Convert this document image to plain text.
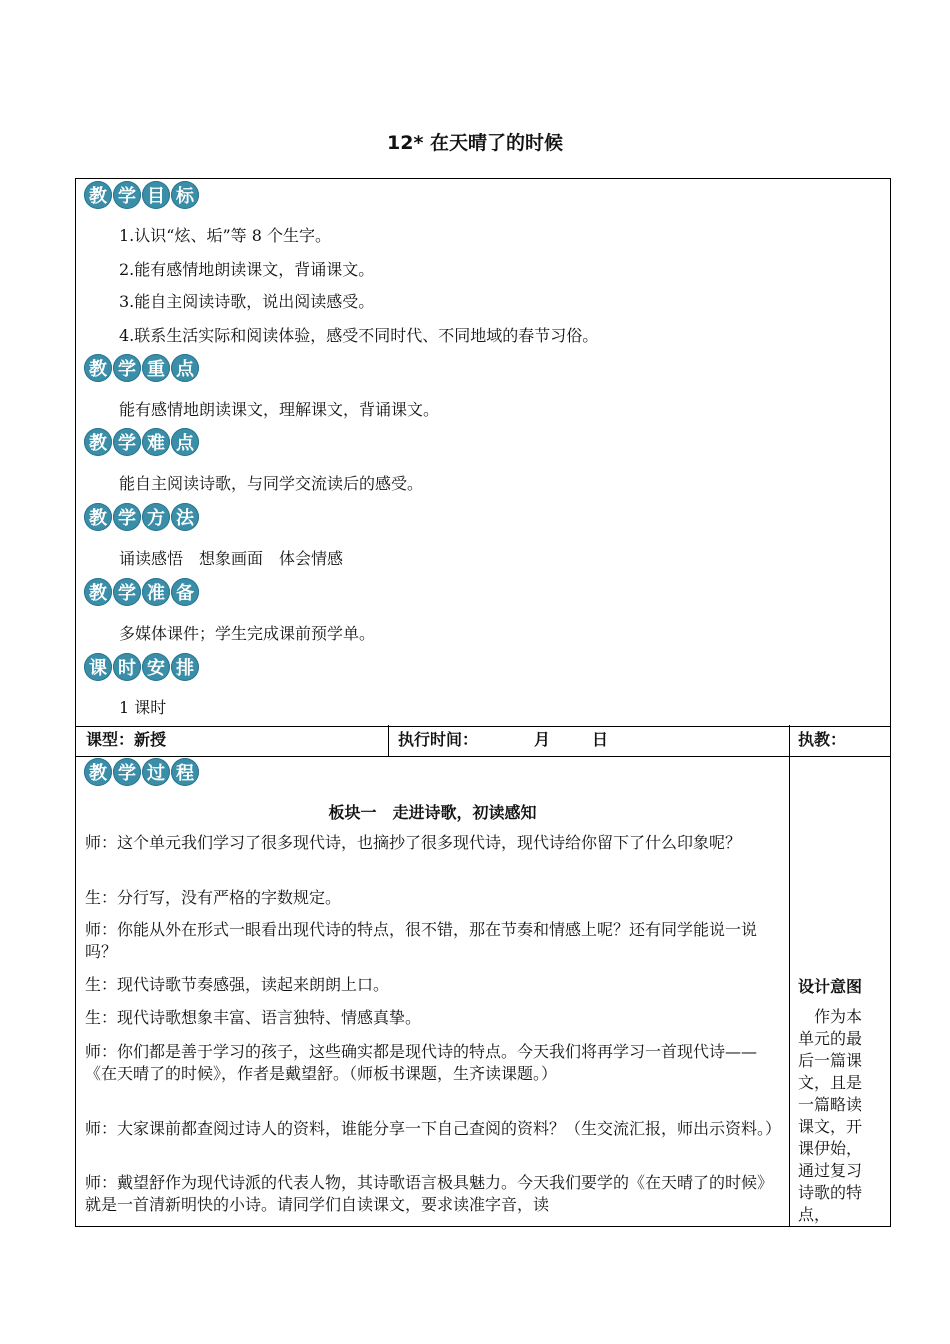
12* 在天晴了的时候
教 学 目 标
1.认识“炫、垢”等 8 个生字。
2.能有感情地朗读课文，背诵课文。
3.能自主阅读诗歌，说出阅读感受。
4.联系生活实际和阅读体验，感受不同时代、不同地域的春节习俗。
教 学 重 点
能有感情地朗读课文，理解课文，背诵课文。
教 学 难 点
能自主阅读诗歌，与同学交流读后的感受。
教 学 方 法
诵读感悟　想象画面　体会情感
教 学 准 备
多媒体课件；学生完成课前预学单。
课 时 安 排
1 课时
课型：新授	执行时间：	月	日	执教：
教 学 过 程
板块一　走进诗歌，初读感知
师：这个单元我们学习了很多现代诗，也摘抄了很多现代诗，现代诗给你留下了什么印象呢？
生：分行写，没有严格的字数规定。
师：你能从外在形式一眼看出现代诗的特点，很不错，那在节奏和情感上呢？还有同学能说一说吗？
生：现代诗歌节奏感强，读起来朗朗上口。
生：现代诗歌想象丰富、语言独特、情感真挚。
师：你们都是善于学习的孩子，这些确实都是现代诗的特点。今天我们将再学习一首现代诗——《在天晴了的时候》，作者是戴望舒。（师板书课题，生齐读课题。）
师：大家课前都查阅过诗人的资料，谁能分享一下自己查阅的资料？（生交流汇报，师出示资料。）
师：戴望舒作为现代诗派的代表人物，其诗歌语言极具魅力。今天我们要学的《在天晴了的时候》就是一首清新明快的小诗。请同学们自读课文，要求读准字音，读
设计意图
　作为本单元的最后一篇课文，且是一篇略读课文，开课伊始，通过复习诗歌的特点，
